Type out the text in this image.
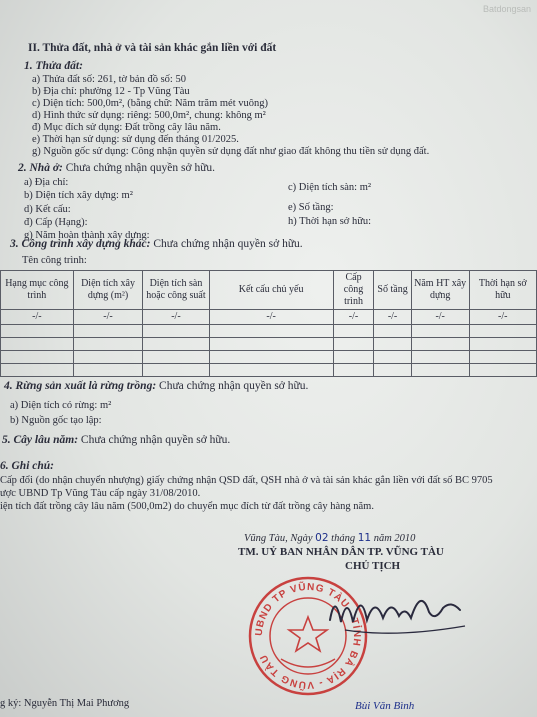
Batdongsan
II. Thửa đất, nhà ở và tài sản khác gắn liền với đất
1. Thửa đất:
a) Thửa đất số: 261, tờ bản đồ số: 50
b) Địa chỉ: phường 12 - Tp Vũng Tàu
c) Diện tích: 500,0m², (bằng chữ: Năm trăm mét vuông)
d) Hình thức sử dụng: riêng: 500,0m², chung: không m²
đ) Mục đích sử dụng: Đất trồng cây lâu năm.
e) Thời hạn sử dụng: sử dụng đến tháng 01/2025.
g) Nguồn gốc sử dụng: Công nhận quyền sử dụng đất như giao đất không thu tiền sử dụng đất.
2. Nhà ở: Chưa chứng nhận quyền sở hữu.
a) Địa chỉ:
b) Diện tích xây dựng: m²
c) Diện tích sàn: m²
d) Kết cấu:
đ) Cấp (Hạng):
e) Số tầng:
g) Năm hoàn thành xây dựng:
h) Thời hạn sở hữu:
3. Công trình xây dựng khác: Chưa chứng nhận quyền sở hữu.
Tên công trình:
Hạng mục công trình	Diện tích xây dựng (m²)	Diện tích sàn hoặc công suất	Kết cấu chủ yếu	Cấp công trình	Số tầng	Năm HT xây dựng	Thời hạn sở hữu
-/-	-/-	-/-	-/-	-/-	-/-	-/-	-/-

4. Rừng sản xuất là rừng trồng: Chưa chứng nhận quyền sở hữu.
a) Diện tích có rừng: m²
b) Nguồn gốc tạo lập:
5. Cây lâu năm: Chưa chứng nhận quyền sở hữu.
6. Ghi chú:
Cấp đổi (do nhận chuyển nhượng) giấy chứng nhận QSD đất, QSH nhà ở và tài sản khác gắn liền với đất số BC 9705
ược UBND Tp Vũng Tàu cấp ngày 31/08/2010.
iện tích đất trồng cây lâu năm (500,0m2) do chuyển mục đích từ đất trồng cây hàng năm.
Vũng Tàu, Ngày 02 tháng 11 năm 2010
TM. UỶ BAN NHÂN DÂN TP. VŨNG TÀU
CHỦ TỊCH
UBND TP VŨNG TÀU - TỈNH BÀ RỊA - VŨNG TÀU
Bùi Văn Bình
g ký: Nguyễn Thị Mai Phương
